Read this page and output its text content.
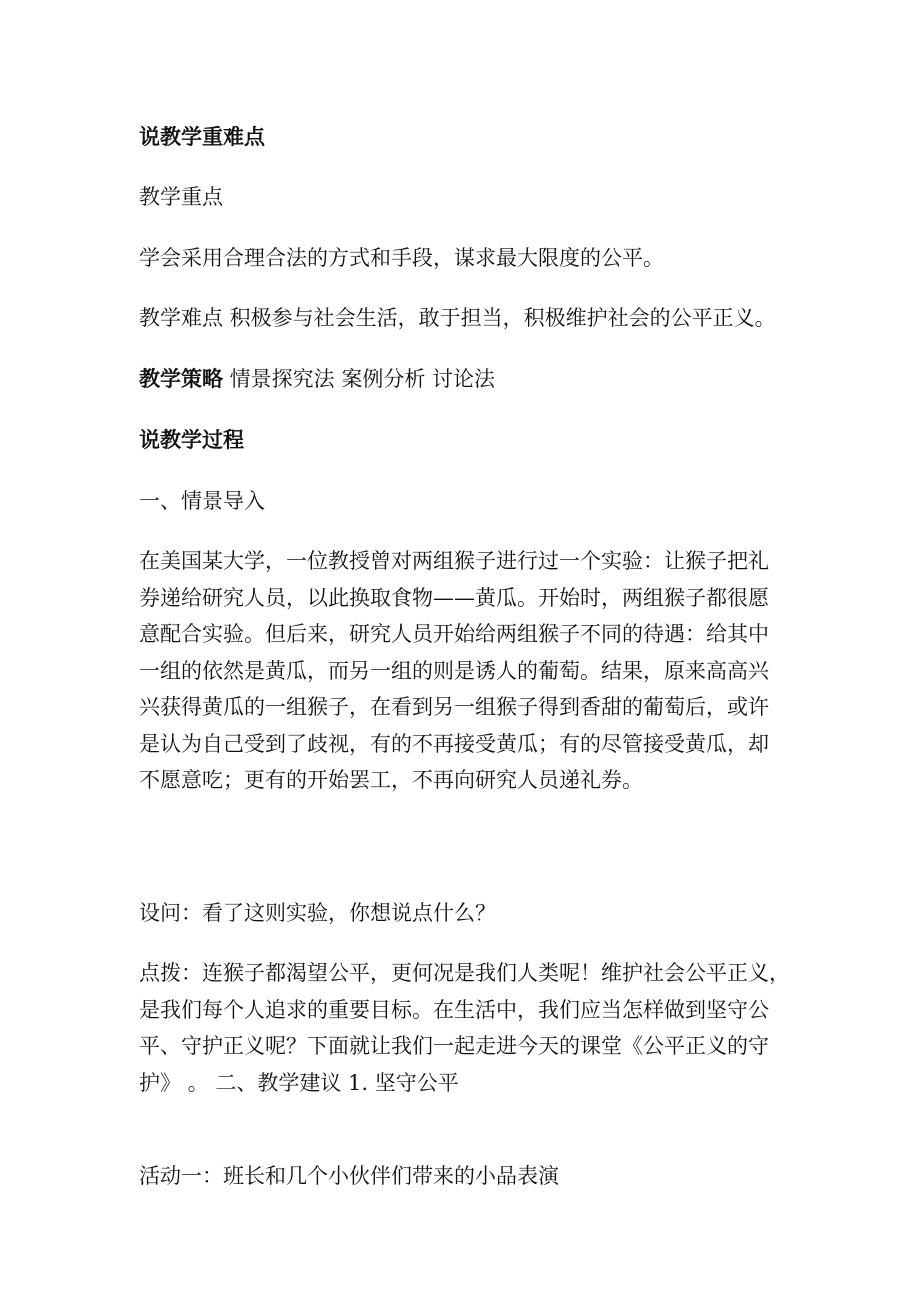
说教学重难点

教学重点

学会采用合理合法的方式和手段，谋求最大限度的公平。

教学难点 积极参与社会生活，敢于担当，积极维护社会的公平正义。

教学策略 情景探究法 案例分析 讨论法

说教学过程

一、情景导入

在美国某大学，一位教授曾对两组猴子进行过一个实验：让猴子把礼
券递给研究人员，以此换取食物——黄瓜。开始时，两组猴子都很愿
意配合实验。但后来，研究人员开始给两组猴子不同的待遇：给其中
一组的依然是黄瓜，而另一组的则是诱人的葡萄。结果，原来高高兴
兴获得黄瓜的一组猴子，在看到另一组猴子得到香甜的葡萄后，或许
是认为自己受到了歧视，有的不再接受黄瓜；有的尽管接受黄瓜，却
不愿意吃；更有的开始罢工，不再向研究人员递礼券。

设问：看了这则实验，你想说点什么？

点拨：连猴子都渴望公平，更何况是我们人类呢！维护社会公平正义，
是我们每个人追求的重要目标。在生活中，我们应当怎样做到坚守公
平、守护正义呢？下面就让我们一起走进今天的课堂《公平正义的守
护》 。 二、教学建议 1. 坚守公平

活动一：班长和几个小伙伴们带来的小品表演
